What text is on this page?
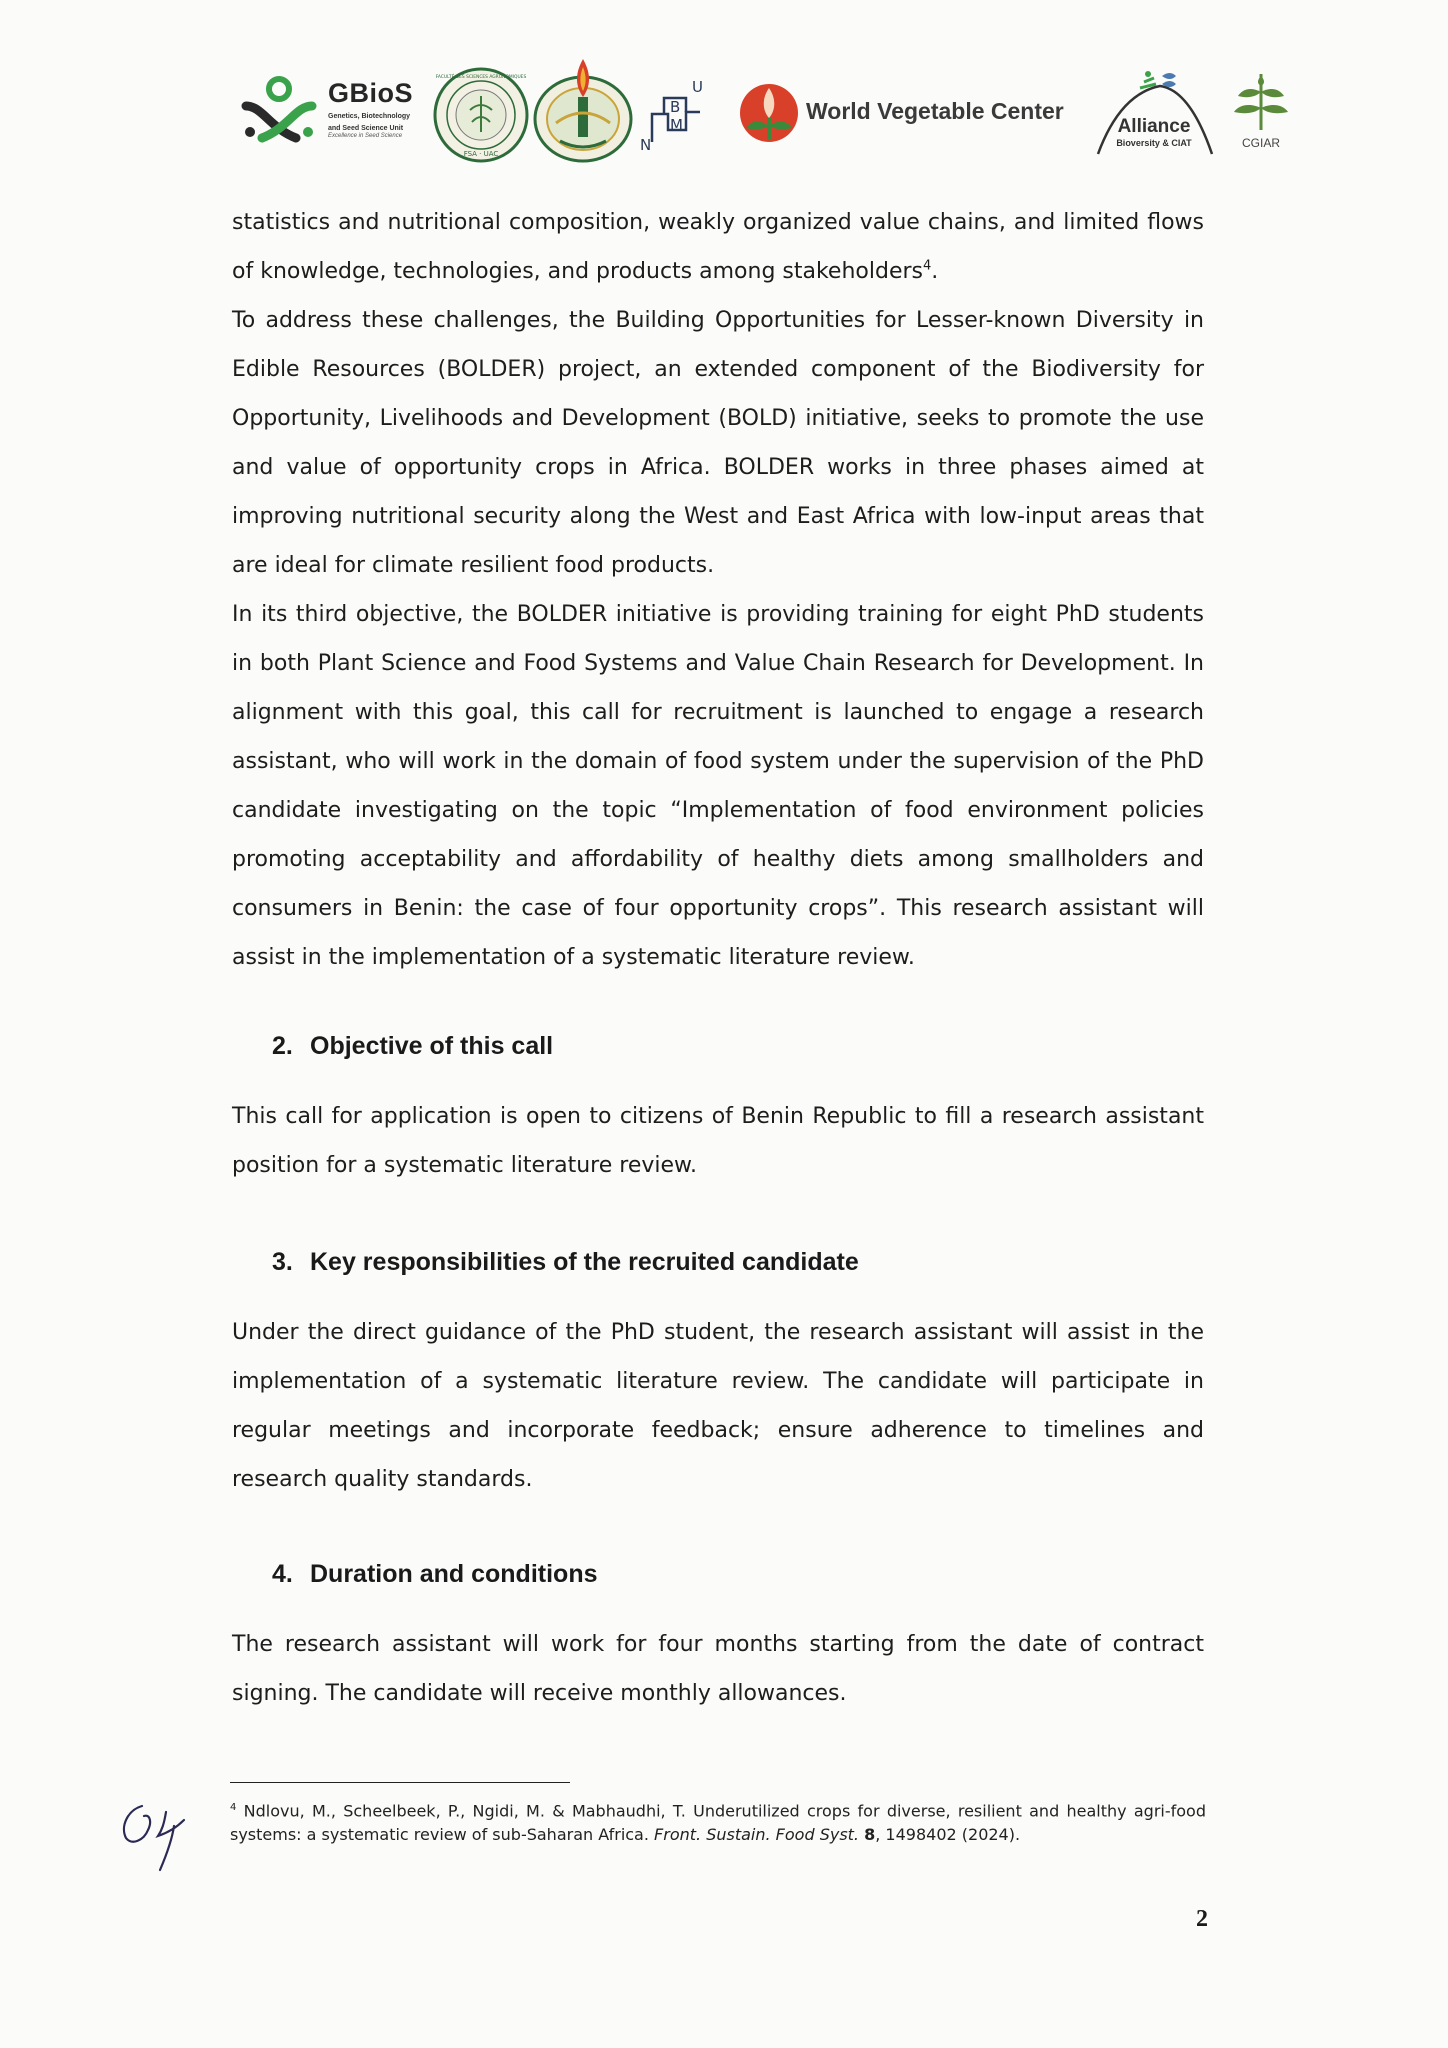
GBioS
Genetics, Biotechnology
and Seed Science Unit
Excellence in Seed Science
FSA · UAC
FACULTÉ DES SCIENCES AGRONOMIQUES
N
M
B
U
World Vegetable Center
Alliance
Bioversity & CIAT	CGIAR

statistics and nutritional composition, weakly organized value chains, and limited flows of knowledge, technologies, and products among stakeholders$^4$.

To address these challenges, the Building Opportunities for Lesser-known Diversity in Edible Resources (BOLDER) project, an extended component of the Biodiversity for Opportunity, Livelihoods and Development (BOLD) initiative, seeks to promote the use and value of opportunity crops in Africa. BOLDER works in three phases aimed at improving nutritional security along the West and East Africa with low-input areas that are ideal for climate resilient food products.

In its third objective, the BOLDER initiative is providing training for eight PhD students in both Plant Science and Food Systems and Value Chain Research for Development. In alignment with this goal, this call for recruitment is launched to engage a research assistant, who will work in the domain of food system under the supervision of the PhD candidate investigating on the topic “Implementation of food environment policies promoting acceptability and affordability of healthy diets among smallholders and consumers in Benin: the case of four opportunity crops”. This research assistant will assist in the implementation of a systematic literature review.

2. Objective of this call

This call for application is open to citizens of Benin Republic to fill a research assistant position for a systematic literature review.

3. Key responsibilities of the recruited candidate

Under the direct guidance of the PhD student, the research assistant will assist in the implementation of a systematic literature review. The candidate will participate in regular meetings and incorporate feedback; ensure adherence to timelines and research quality standards.

4. Duration and conditions

The research assistant will work for four months starting from the date of contract signing. The candidate will receive monthly allowances.

$^4$ Ndlovu, M., Scheelbeek, P., Ngidi, M. & Mabhaudhi, T. Underutilized crops for diverse, resilient and healthy agri-food systems: a systematic review of sub-Saharan Africa. Front. Sustain. Food Syst. 8, 1498402 (2024).
2
